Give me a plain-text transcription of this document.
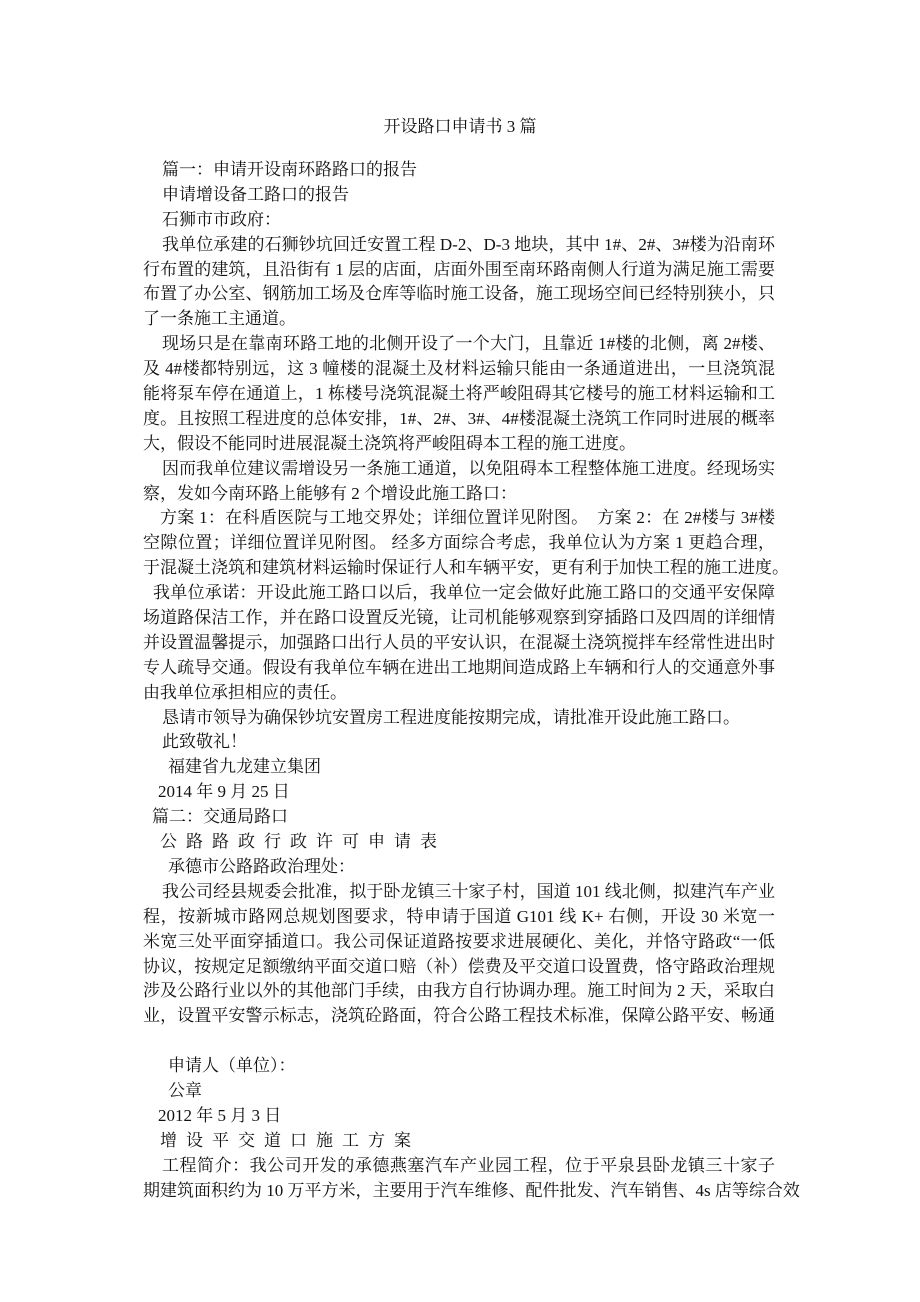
开设路口申请书 3 篇
篇一：申请开设南环路路口的报告
申请增设备工路口的报告
石狮市市政府：
我单位承建的石狮钞坑回迁安置工程 D-2、D-3 地块，其中 1#、2#、3#楼为沿南环
行布置的建筑，且沿街有 1 层的店面，店面外围至南环路南侧人行道为满足施工需要
布置了办公室、钢筋加工场及仓库等临时施工设备，施工现场空间已经特别狭小，只
了一条施工主通道。
现场只是在靠南环路工地的北侧开设了一个大门，且靠近 1#楼的北侧，离 2#楼、
及 4#楼都特别远，这 3 幢楼的混凝土及材料运输只能由一条通道进出，一旦浇筑混
能将泵车停在通道上，1 栋楼号浇筑混凝土将严峻阻碍其它楼号的施工材料运输和工
度。且按照工程进度的总体安排，1#、2#、3#、4#楼混凝土浇筑工作同时进展的概率
大，假设不能同时进展混凝土浇筑将严峻阻碍本工程的施工进度。
因而我单位建议需增设另一条施工通道，以免阻碍本工程整体施工进度。经现场实
察，发如今南环路上能够有 2 个增设此施工路口：
方案 1：在科盾医院与工地交界处；详细位置详见附图。　方案 2：在 2#楼与 3#楼
空隙位置；详细位置详见附图。 经多方面综合考虑，我单位认为方案 1 更趋合理，
于混凝土浇筑和建筑材料运输时保证行人和车辆平安，更有利于加快工程的施工进度。
我单位承诺：开设此施工路口以后，我单位一定会做好此施工路口的交通平安保障
场道路保洁工作，并在路口设置反光镜，让司机能够观察到穿插路口及四周的详细情
并设置温馨提示，加强路口出行人员的平安认识，在混凝土浇筑搅拌车经常性进出时
专人疏导交通。假设有我单位车辆在进出工地期间造成路上车辆和行人的交通意外事
由我单位承担相应的责任。
恳请市领导为确保钞坑安置房工程进度能按期完成，请批准开设此施工路口。
此致敬礼！
福建省九龙建立集团
2014 年 9 月 25 日
篇二：交通局路口
公路路政行政许可申请表
承德市公路路政治理处：
我公司经县规委会批准，拟于卧龙镇三十家子村，国道 101 线北侧，拟建汽车产业
程，按新城市路网总规划图要求，特申请于国道 G101 线 K+ 右侧，开设 30 米宽一
米宽三处平面穿插道口。我公司保证道路按要求进展硬化、美化，并恪守路政“一低
协议，按规定足额缴纳平面交道口赔（补）偿费及平交道口设置费，恪守路政治理规
涉及公路行业以外的其他部门手续，由我方自行协调办理。施工时间为 2 天，采取白
业，设置平安警示标志，浇筑砼路面，符合公路工程技术标准，保障公路平安、畅通
申请人（单位）：
公章
2012 年 5 月 3 日
增设平交道口施工方案
工程简介：我公司开发的承德燕塞汽车产业园工程，位于平泉县卧龙镇三十家子
期建筑面积约为 10 万平方米，主要用于汽车维修、配件批发、汽车销售、4s 店等综合效
